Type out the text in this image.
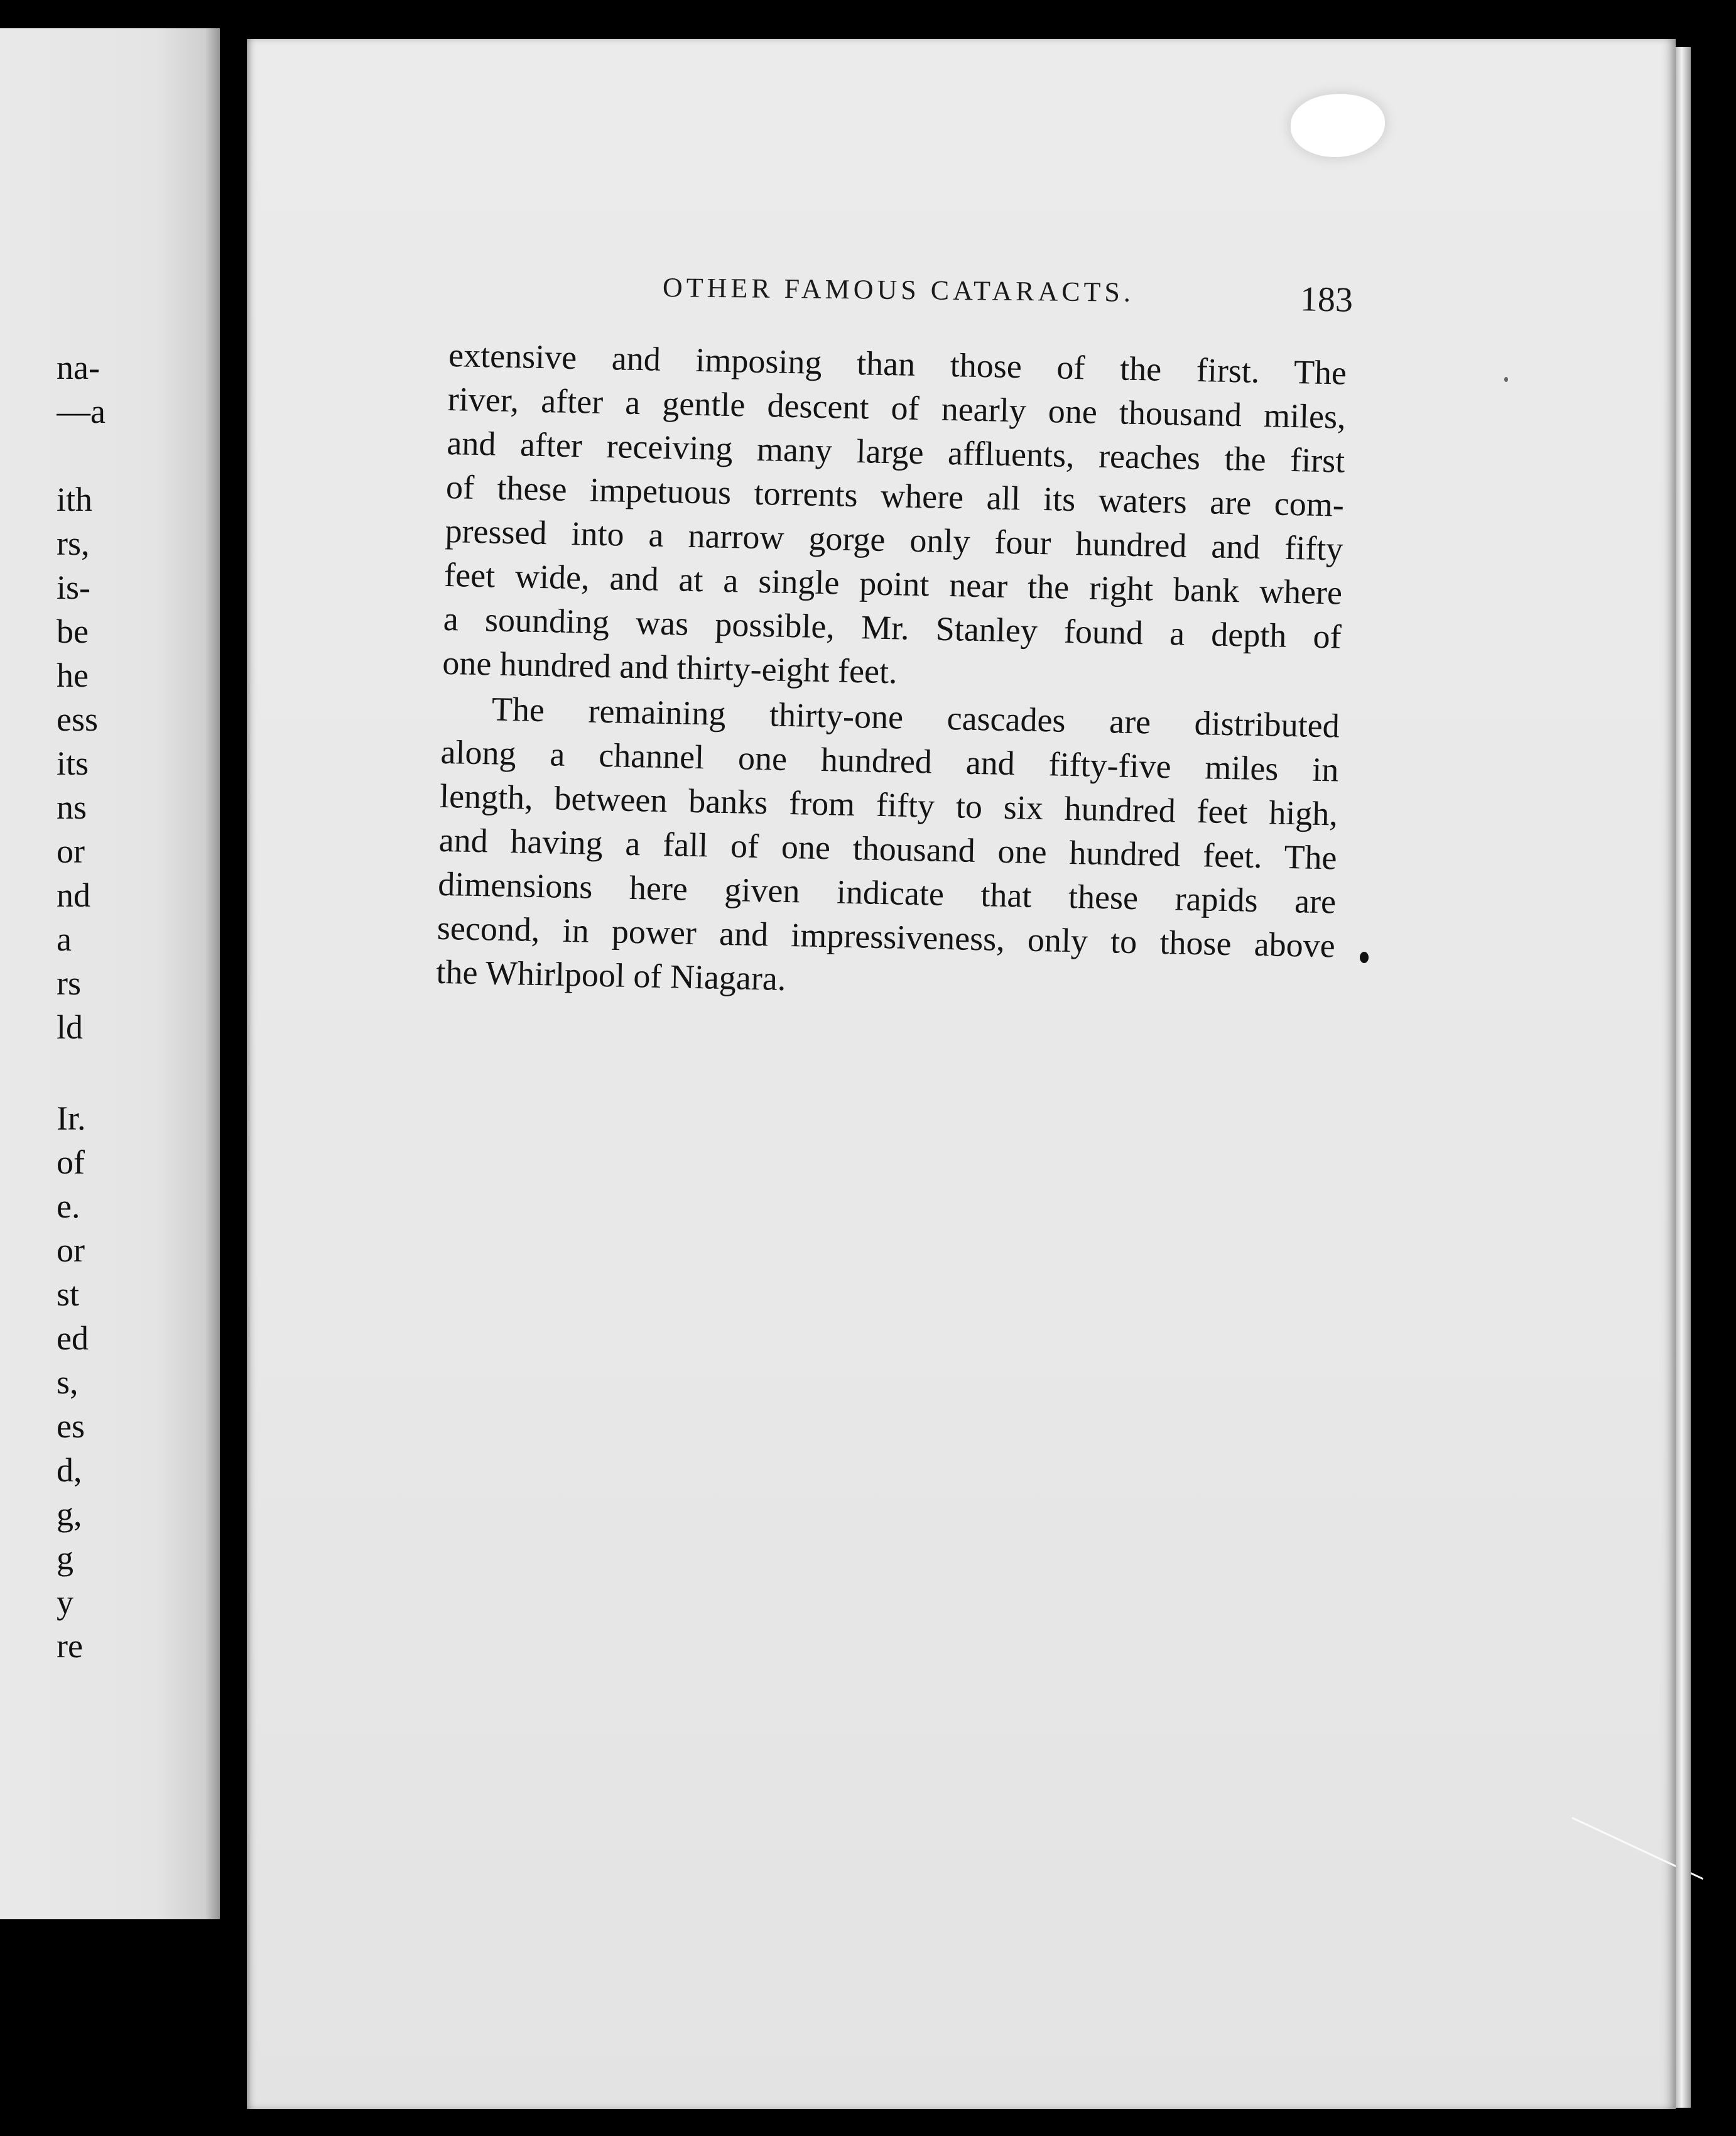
na-
—a
ith
rs,
is-
be
he
ess
its
ns
or
nd
a
rs
ld
Ir.
of
e.
or
st
ed
s,
es
d,
g,
g
y
re
OTHER FAMOUS CATARACTS.	183
extensive and imposing than those of the first. The
river, after a gentle descent of nearly one thousand miles,
and after receiving many large affluents, reaches the first
of these impetuous torrents where all its waters are com-
pressed into a narrow gorge only four hundred and fifty
feet wide, and at a single point near the right bank where
a sounding was possible, Mr. Stanley found a depth of
one hundred and thirty-eight feet.
The remaining thirty-one cascades are distributed
along a channel one hundred and fifty-five miles in
length, between banks from fifty to six hundred feet high,
and having a fall of one thousand one hundred feet. The
dimensions here given indicate that these rapids are
second, in power and impressiveness, only to those above
the Whirlpool of Niagara.
